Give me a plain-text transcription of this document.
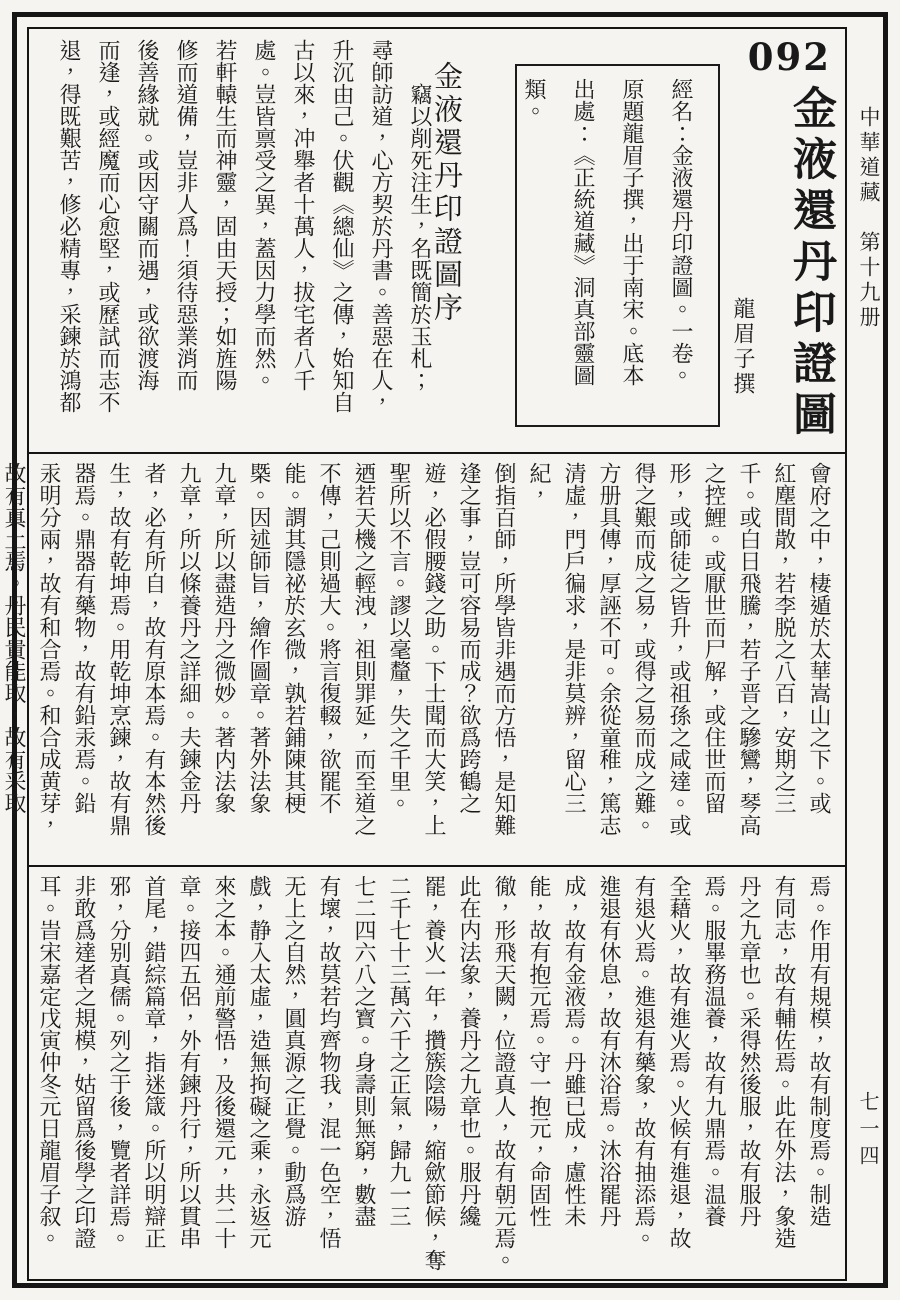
中華道藏　第十九册
七一四
092
金液還丹印證圖
龍眉子撰
經名：金液還丹印證圖。一卷。
原題龍眉子撰，出于南宋。底本
出處：《正統道藏》洞真部靈圖
類。
金液還丹印證圖序
竊以削死注生，名既簡於玉札；
尋師訪道，心方契於丹書。善惡在人，
升沉由己。伏觀《總仙》之傳，始知自
古以來，冲舉者十萬人，拔宅者八千
處。豈皆禀受之異，蓋因力學而然。
若軒轅生而神靈，固由天授；如旌陽
修而道備，豈非人爲！須待惡業消而
後善緣就。或因守關而遇，或欲渡海
而逢，或經魔而心愈堅，或歷試而志不
退，得既艱苦，修必精專，采鍊於鴻都
會府之中，棲遁於太華嵩山之下。或
紅塵間散，若李脱之八百，安期之三
千。或白日飛騰，若子晋之驂鸞，琴高
之控鯉。或厭世而尸解，或住世而留
形，或師徒之皆升，或祖孫之咸達。或
得之艱而成之易，或得之易而成之難。
方册具傳，厚誣不可。余從童稚，篤志
清虛，門户徧求，是非莫辨，留心三紀，
倒指百師，所學皆非遇而方悟，是知難
逢之事，豈可容易而成？欲爲跨鶴之
遊，必假腰錢之助。下士聞而大笑，上
聖所以不言。謬以毫釐，失之千里。
迺若天機之輕洩，祖則罪延，而至道之
不傳，己則過大。將言復輟，欲罷不
能。謂其隱祕於玄微，孰若鋪陳其梗
槩。因述師旨，繪作圖章。著外法象
九章，所以盡造丹之微妙。著内法象
九章，所以條養丹之詳細。夫鍊金丹
者，必有所自，故有原本焉。有本然後
生，故有乾坤焉。用乾坤烹鍊，故有鼎
器焉。鼎器有藥物，故有鉛汞焉。鉛
汞明分兩，故有和合焉。和合成黄芽，
故有真土焉。丹民貴能取，故有采取
焉。作用有規模，故有制度焉。制造
有同志，故有輔佐焉。此在外法，象造
丹之九章也。采得然後服，故有服丹
焉。服畢務温養，故有九鼎焉。温養
全藉火，故有進火焉。火候有進退，故
有退火焉。進退有藥象，故有抽添焉。
進退有休息，故有沐浴焉。沐浴罷丹
成，故有金液焉。丹雖已成，慮性未
能，故有抱元焉。守一抱元，命固性
徹，形飛天闕，位證真人，故有朝元焉。
此在内法象，養丹之九章也。服丹纔
罷，養火一年，攢簇陰陽，縮歛節候，奪
二千七十三萬六千之正氣，歸九一三
七二四六八之寳。身壽則無窮，數盡
有壞，故莫若均齊物我，混一色空，悟
无上之自然，圓真源之正覺。動爲游
戲，静入太虛，造無拘礙之乘，永返元
來之本。通前警悟，及後還元，共二十
章。接四五侶，外有鍊丹行，所以貫串
首尾，錯綜篇章，指迷箴。所以明辯正
邪，分别真儒。列之于後，覽者詳焉。
非敢爲達者之規模，姑留爲後學之印證
耳。旹宋嘉定戊寅仲冬元日龍眉子叙。
